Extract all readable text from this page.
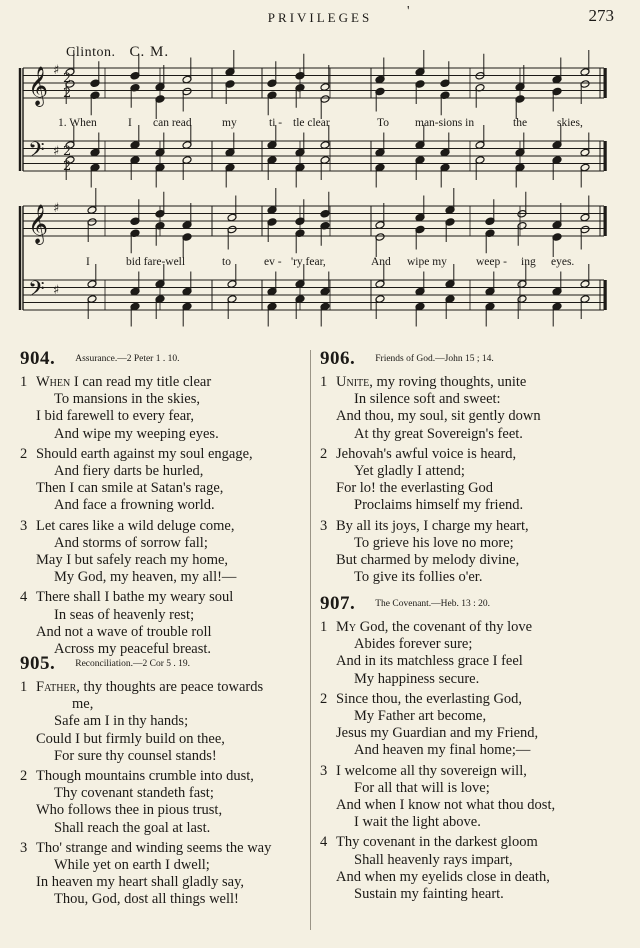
PRIVILEGES	'	273
Clinton. C. M.
𝄞
𝄢
♯
♯
2
2
2
2
𝄞
𝄢
♯
♯
1. When	I can read	my	ti - tle clear	To man-sions in	the	skies,
I	bid fare-well	to	ev - 'ry fear,	And wipe my	weep - ing eyes.
904. $^{Assurance.—2 Peter 1 . 10.}$
1 When I can read my title clear
To mansions in the skies,
I bid farewell to every fear,
And wipe my weeping eyes.
2 Should earth against my soul engage,
And fiery darts be hurled,
Then I can smile at Satan's rage,
And face a frowning world.
3 Let cares like a wild deluge come,
And storms of sorrow fall;
May I but safely reach my home,
My God, my heaven, my all!—
4 There shall I bathe my weary soul
In seas of heavenly rest;
And not a wave of trouble roll
Across my peaceful breast.
905. $^{Reconciliation.—2 Cor 5 . 19.}$
1 Father, thy thoughts are peace towards
me,
Safe am I in thy hands;
Could I but firmly build on thee,
For sure thy counsel stands!
2 Though mountains crumble into dust,
Thy covenant standeth fast;
Who follows thee in pious trust,
Shall reach the goal at last.
3 Tho' strange and winding seems the way
While yet on earth I dwell;
In heaven my heart shall gladly say,
Thou, God, dost all things well!
906. $^{Friends of God.—John 15 ; 14.}$
1 Unite, my roving thoughts, unite
In silence soft and sweet:
And thou, my soul, sit gently down
At thy great Sovereign's feet.
2 Jehovah's awful voice is heard,
Yet gladly I attend;
For lo! the everlasting God
Proclaims himself my friend.
3 By all its joys, I charge my heart,
To grieve his love no more;
But charmed by melody divine,
To give its follies o'er.
907. $^{The Covenant.—Heb. 13 : 20.}$
1 My God, the covenant of thy love
Abides forever sure;
And in its matchless grace I feel
My happiness secure.
2 Since thou, the everlasting God,
My Father art become,
Jesus my Guardian and my Friend,
And heaven my final home;—
3 I welcome all thy sovereign will,
For all that will is love;
And when I know not what thou dost,
I wait the light above.
4 Thy covenant in the darkest gloom
Shall heavenly rays impart,
And when my eyelids close in death,
Sustain my fainting heart.
